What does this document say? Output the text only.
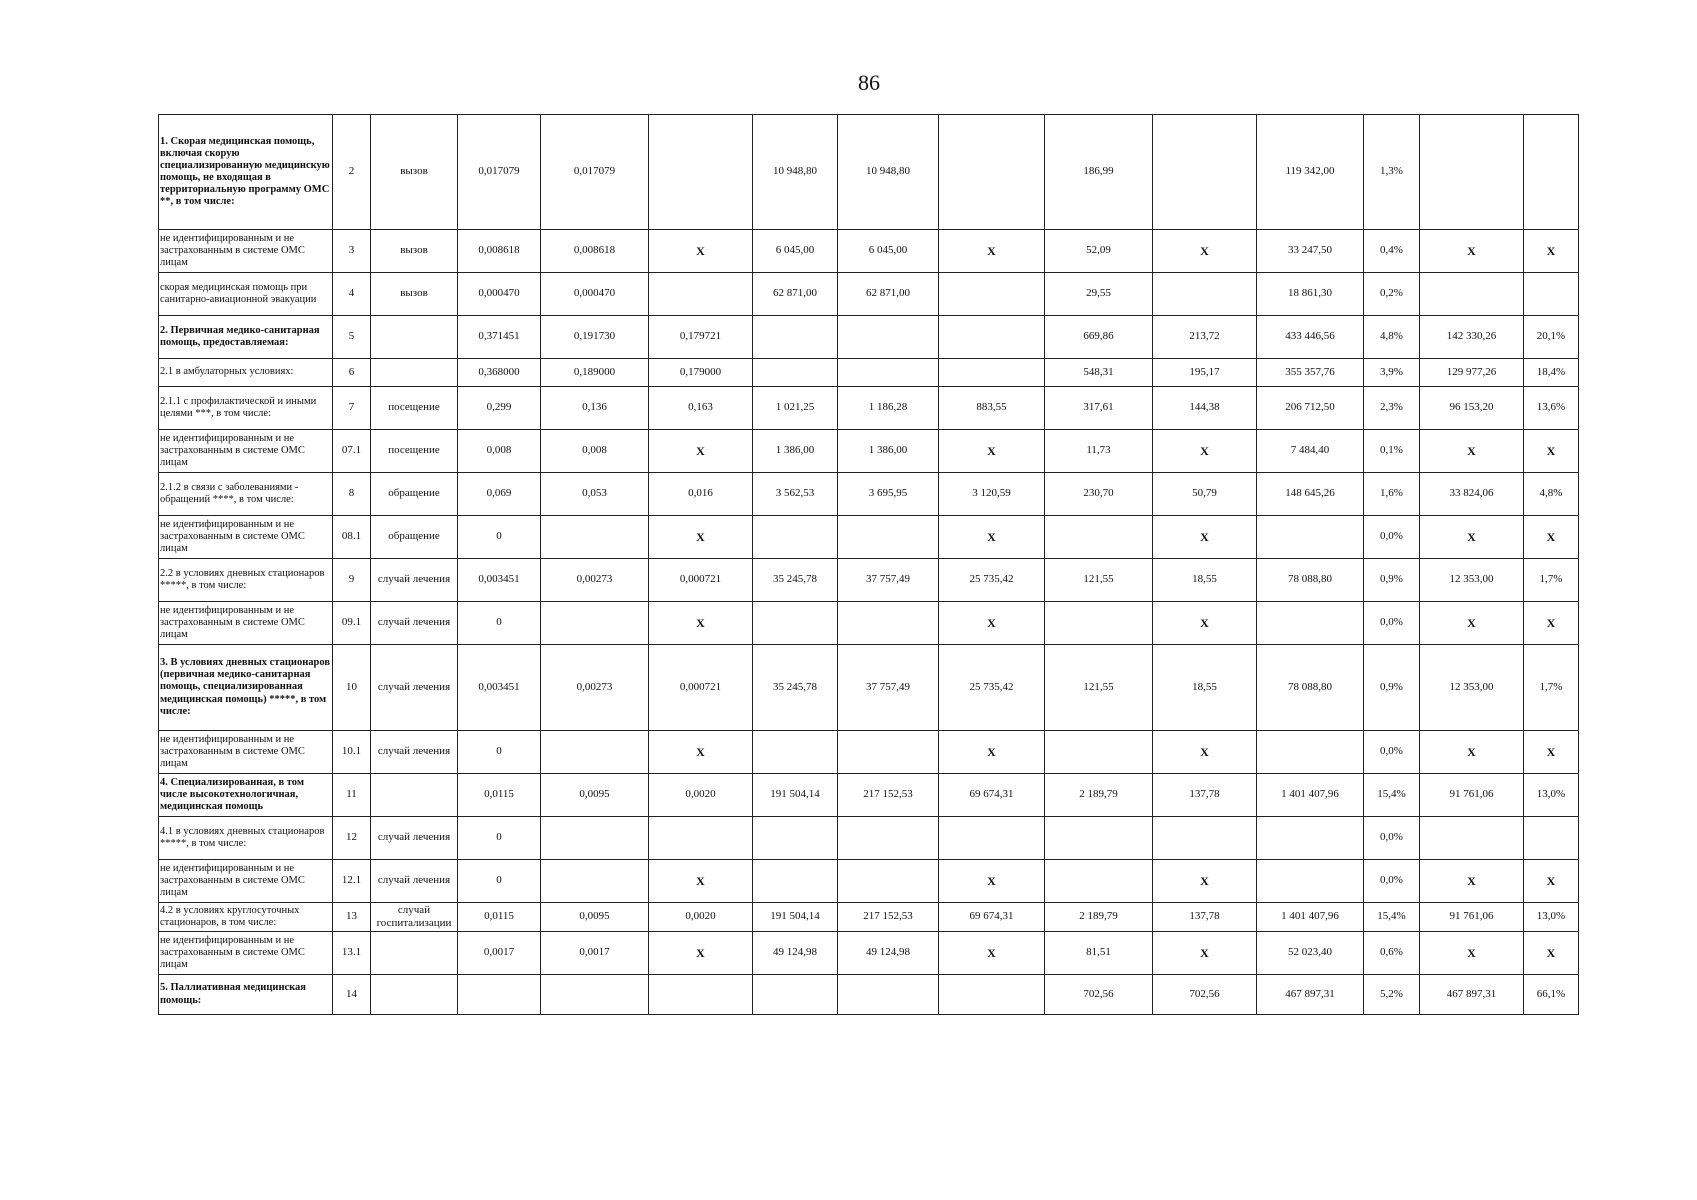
86
1. Скорая медицинская помощь, включая скорую специализированную медицинскую помощь, не входящая в территориальную программу ОМС **, в том числе:	2	вызов	0,017079	0,017079		10 948,80	10 948,80		186,99		119 342,00	1,3%		
не идентифицированным и не застрахованным в системе ОМС лицам	3	вызов	0,008618	0,008618	X	6 045,00	6 045,00	X	52,09	X	33 247,50	0,4%	X	X
скорая медицинская помощь при санитарно-авиационной эвакуации	4	вызов	0,000470	0,000470		62 871,00	62 871,00		29,55		18 861,30	0,2%		
2. Первичная медико-санитарная помощь, предоставляемая:	5		0,371451	0,191730	0,179721				669,86	213,72	433 446,56	4,8%	142 330,26	20,1%
2.1 в амбулаторных условиях:	6		0,368000	0,189000	0,179000				548,31	195,17	355 357,76	3,9%	129 977,26	18,4%
2.1.1 с профилактической и иными целями ***, в том числе:	7	посещение	0,299	0,136	0,163	1 021,25	1 186,28	883,55	317,61	144,38	206 712,50	2,3%	96 153,20	13,6%
не идентифицированным и не застрахованным в системе ОМС лицам	07.1	посещение	0,008	0,008	X	1 386,00	1 386,00	X	11,73	X	7 484,40	0,1%	X	X
2.1.2 в связи с заболеваниями - обращений ****, в том числе:	8	обращение	0,069	0,053	0,016	3 562,53	3 695,95	3 120,59	230,70	50,79	148 645,26	1,6%	33 824,06	4,8%
не идентифицированным и не застрахованным в системе ОМС лицам	08.1	обращение	0		X			X		X		0,0%	X	X
2.2 в условиях дневных стационаров *****, в том числе:	9	случай лечения	0,003451	0,00273	0,000721	35 245,78	37 757,49	25 735,42	121,55	18,55	78 088,80	0,9%	12 353,00	1,7%
не идентифицированным и не застрахованным в системе ОМС лицам	09.1	случай лечения	0		X			X		X		0,0%	X	X
3. В условиях дневных стационаров (первичная медико-санитарная помощь, специализированная медицинская помощь) *****, в том числе:	10	случай лечения	0,003451	0,00273	0,000721	35 245,78	37 757,49	25 735,42	121,55	18,55	78 088,80	0,9%	12 353,00	1,7%
не идентифицированным и не застрахованным в системе ОМС лицам	10.1	случай лечения	0		X			X		X		0,0%	X	X
4. Специализированная, в том числе высокотехнологичная, медицинская помощь	11		0,0115	0,0095	0,0020	191 504,14	217 152,53	69 674,31	2 189,79	137,78	1 401 407,96	15,4%	91 761,06	13,0%
4.1 в условиях дневных стационаров *****, в том числе:	12	случай лечения	0									0,0%		
не идентифицированным и не застрахованным в системе ОМС лицам	12.1	случай лечения	0		X			X		X		0,0%	X	X
4.2 в условиях круглосуточных стационаров, в том числе:	13	случай госпитализации	0,0115	0,0095	0,0020	191 504,14	217 152,53	69 674,31	2 189,79	137,78	1 401 407,96	15,4%	91 761,06	13,0%
не идентифицированным и не застрахованным в системе ОМС лицам	13.1		0,0017	0,0017	X	49 124,98	49 124,98	X	81,51	X	52 023,40	0,6%	X	X
5. Паллиативная медицинская помощь:	14								702,56	702,56	467 897,31	5,2%	467 897,31	66,1%
